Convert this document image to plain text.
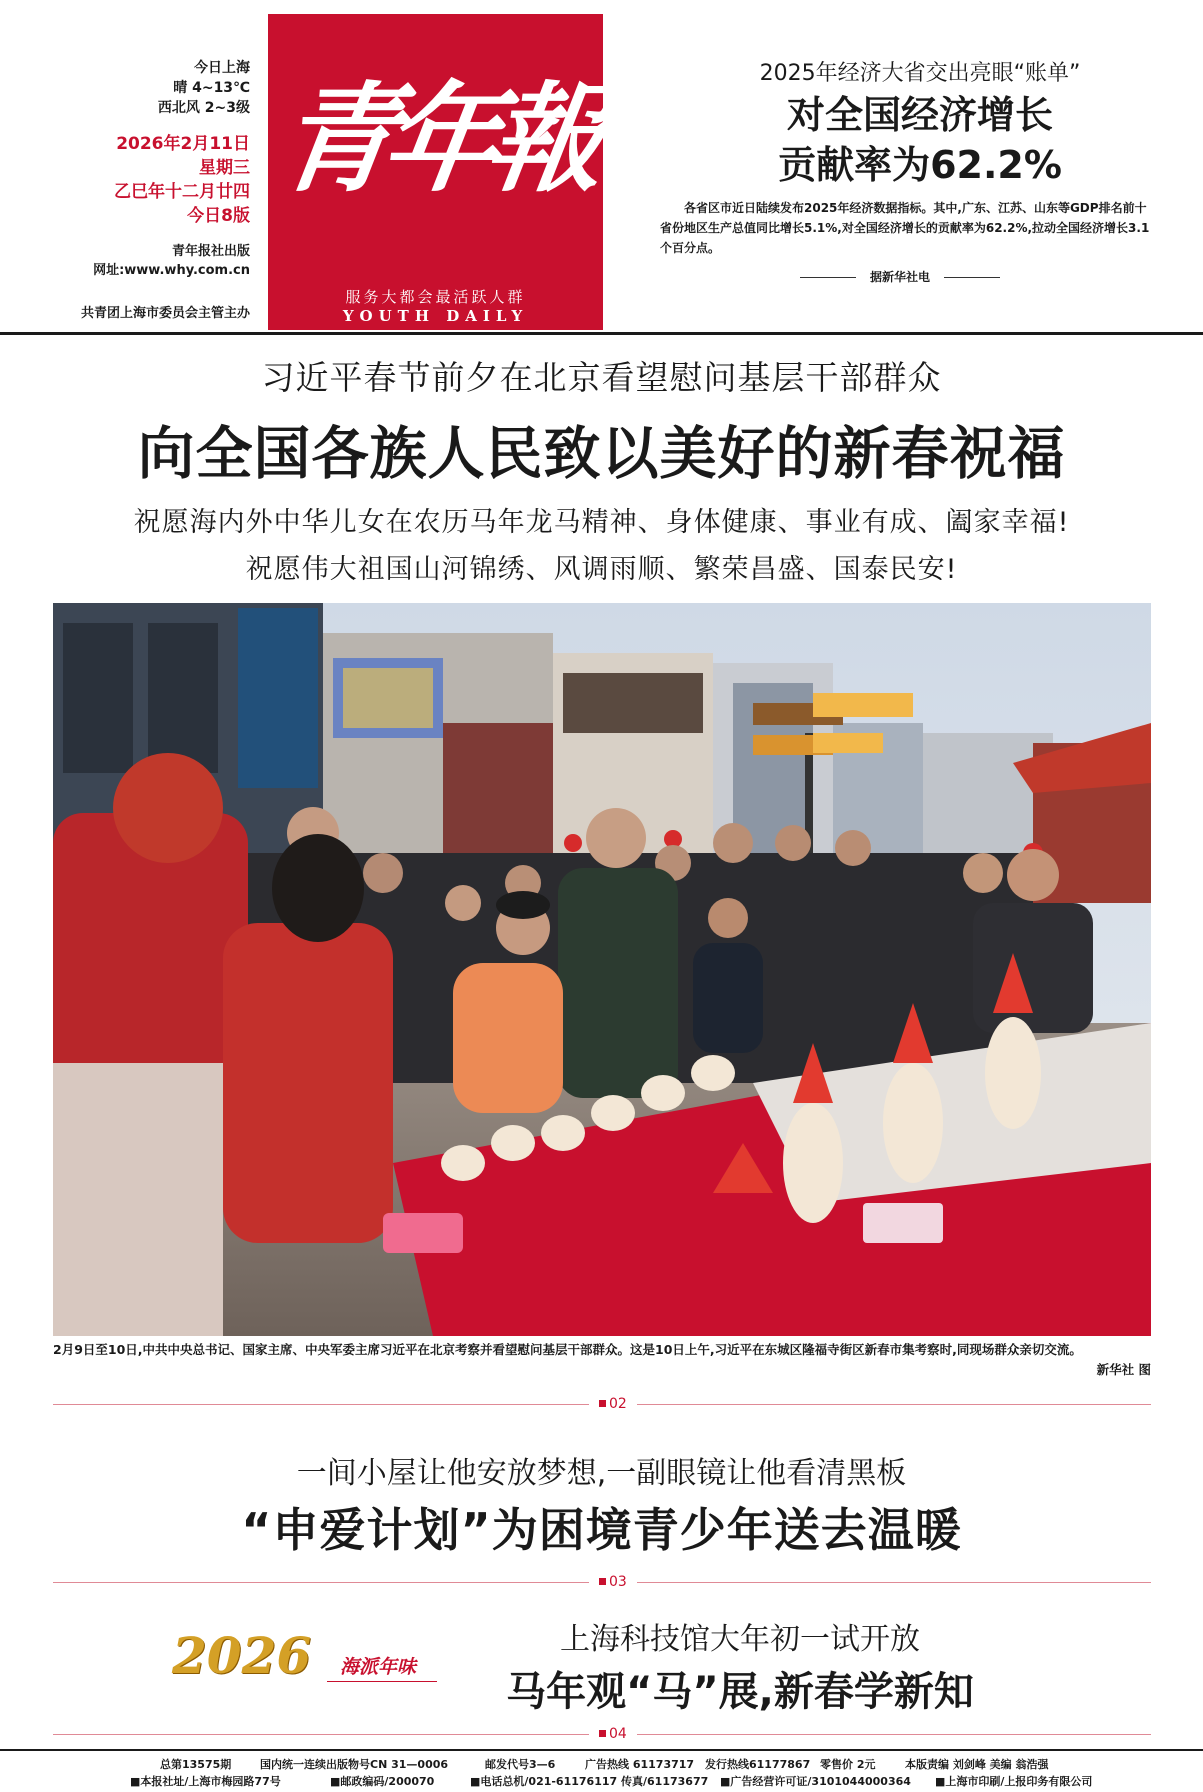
今日上海
晴 4~13℃
西北风 2~3级
2026年2月11日
星期三
乙巳年十二月廿四
今日8版
青年报社出版
网址:www.why.com.cn
共青团上海市委员会主管主办
青年報
服务大都会最活跃人群
YOUTH DAILY
2025年经济大省交出亮眼“账单”
对全国经济增长
贡献率为62.2%
各省区市近日陆续发布2025年经济数据指标。其中,广东、江苏、山东等GDP排名前十省份地区生产总值同比增长5.1%,对全国经济增长的贡献率为62.2%,拉动全国经济增长3.1个百分点。
据新华社电
习近平春节前夕在北京看望慰问基层干部群众
向全国各族人民致以美好的新春祝福
祝愿海内外中华儿女在农历马年龙马精神、身体健康、事业有成、阖家幸福!
祝愿伟大祖国山河锦绣、风调雨顺、繁荣昌盛、国泰民安!
2月9日至10日,中共中央总书记、国家主席、中央军委主席习近平在北京考察并看望慰问基层干部群众。这是10日上午,习近平在东城区隆福寺街区新春市集考察时,同现场群众亲切交流。
新华社 图
02
一间小屋让他安放梦想,一副眼镜让他看清黑板
“申爱计划”为困境青少年送去温暖
03
2026 海派年味
上海科技馆大年初一试开放
马年观“马”展,新春学新知
04
总第13575期	国内统一连续出版物号CN 31—0006	邮发代号3—6	广告热线 61173717 发行热线61177867 零售价 2元	本版责编 刘剑峰 美编 翁浩强
■本报社址/上海市梅园路77号	■邮政编码/200070	■电话总机/021-61176117 传真/61173677 ■广告经营许可证/3101044000364 ■上海市印刷/上报印务有限公司
